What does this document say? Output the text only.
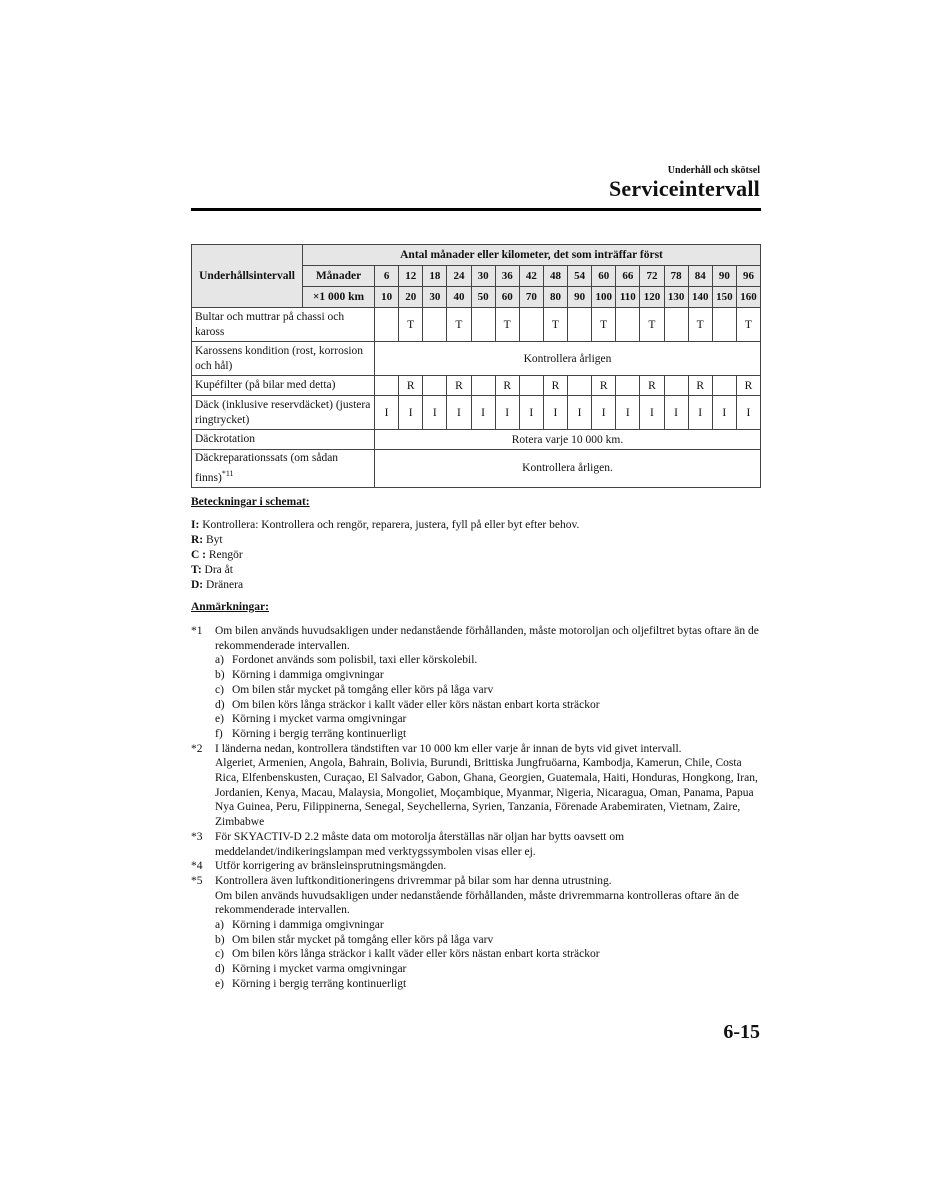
Underhåll och skötsel
Serviceintervall
Underhållsintervall	Antal månader eller kilometer, det som inträffar först																
	Månader	6	12	18	24	30	36	42	48	54	60	66	72	78	84	90	96
	×1 000 km	10	20	30	40	50	60	70	80	90	100	110	120	130	140	150	160
Bultar och muttrar på chassi och kaross			T		T		T		T		T		T		T		T
Karossens kondition (rost, korrosion och hål)		Kontrollera årligen															
Kupéfilter (på bilar med detta)			R		R		R		R		R		R		R		R
Däck (inklusive reservdäcket) (justera ringtrycket)		I	I	I	I	I	I	I	I	I	I	I	I	I	I	I	I
Däckrotation		Rotera varje 10 000 km.															
Däckreparationssats (om sådan finns)$^{*11}$		Kontrollera årligen.															
Beteckningar i schemat:
I: Kontrollera: Kontrollera och rengör, reparera, justera, fyll på eller byt efter behov.
R: Byt
C : Rengör
T: Dra åt
D: Dränera
Anmärkningar:
*1 Om bilen används huvudsakligen under nedanstående förhållanden, måste motoroljan och oljefiltret bytas oftare än de rekommenderade intervallen.
a) Fordonet används som polisbil, taxi eller körskolebil.
b) Körning i dammiga omgivningar
c) Om bilen står mycket på tomgång eller körs på låga varv
d) Om bilen körs långa sträckor i kallt väder eller körs nästan enbart korta sträckor
e) Körning i mycket varma omgivningar
f) Körning i bergig terräng kontinuerligt
*2 I länderna nedan, kontrollera tändstiften var 10 000 km eller varje år innan de byts vid givet intervall.
Algeriet, Armenien, Angola, Bahrain, Bolivia, Burundi, Brittiska Jungfruöarna, Kambodja, Kamerun, Chile, Costa Rica, Elfenbenskusten, Curaçao, El Salvador, Gabon, Ghana, Georgien, Guatemala, Haiti, Honduras, Hongkong, Iran, Jordanien, Kenya, Macau, Malaysia, Mongoliet, Moçambique, Myanmar, Nigeria, Nicaragua, Oman, Panama, Papua Nya Guinea, Peru, Filippinerna, Senegal, Seychellerna, Syrien, Tanzania, Förenade Arabemiraten, Vietnam, Zaire, Zimbabwe
*3 För SKYACTIV-D 2.2 måste data om motorolja återställas när oljan har bytts oavsett om meddelandet/indikeringslampan med verktygssymbolen visas eller ej.
*4 Utför korrigering av bränsleinsprutningsmängden.
*5 Kontrollera även luftkonditioneringens drivremmar på bilar som har denna utrustning.
Om bilen används huvudsakligen under nedanstående förhållanden, måste drivremmarna kontrolleras oftare än de rekommenderade intervallen.
a) Körning i dammiga omgivningar
b) Om bilen står mycket på tomgång eller körs på låga varv
c) Om bilen körs långa sträckor i kallt väder eller körs nästan enbart korta sträckor
d) Körning i mycket varma omgivningar
e) Körning i bergig terräng kontinuerligt
6-15
